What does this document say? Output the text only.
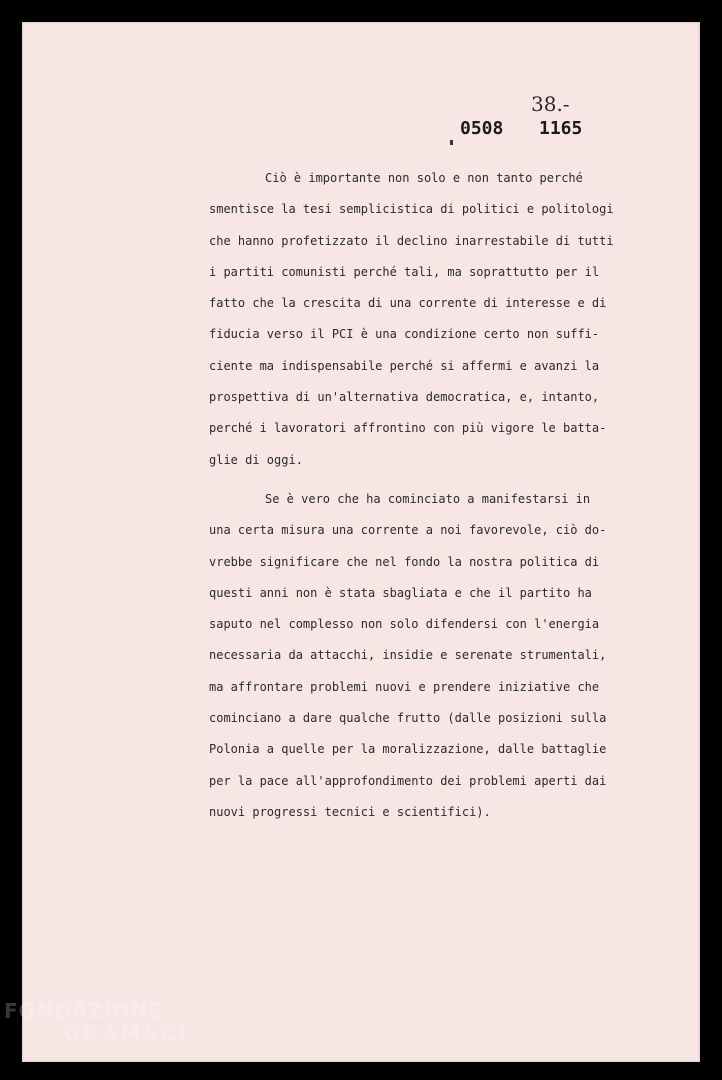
38.-
0508 1165
Ciò è importante non solo e non tanto perché
smentisce la tesi semplicistica di politici e politologi
che hanno profetizzato il declino inarrestabile di tutti
i partiti comunisti perché tali, ma soprattutto per il
fatto che la crescita di una corrente di interesse e di
fiducia verso il PCI è una condizione certo non suffi-
ciente ma indispensabile perché si affermi e avanzi la
prospettiva di un'alternativa democratica, e, intanto,
perché i lavoratori affrontino con più vigore le batta-
glie di oggi.
Se è vero che ha cominciato a manifestarsi in
una certa misura una corrente a noi favorevole, ciò do-
vrebbe significare che nel fondo la nostra politica di
questi anni non è stata sbagliata e che il partito ha
saputo nel complesso non solo difendersi con l'energia
necessaria da attacchi, insidie e serenate strumentali,
ma affrontare problemi nuovi e prendere iniziative che
cominciano a dare qualche frutto (dalle posizioni sulla
Polonia a quelle per la moralizzazione, dalle battaglie
per la pace all'approfondimento dei problemi aperti dai
nuovi progressi tecnici e scientifici).
FONDAZIONE
GRAMSCI
